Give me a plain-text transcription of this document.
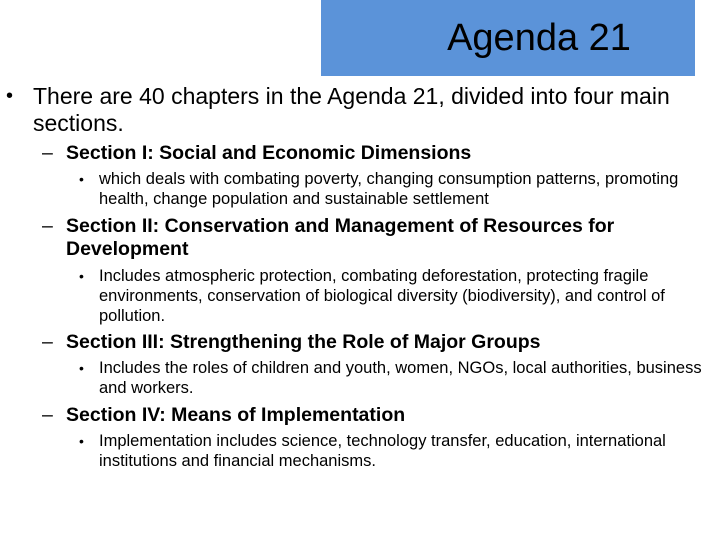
Agenda 21

• There are 40 chapters in the Agenda 21, divided into four main sections.

– Section I: Social and Economic Dimensions

• which deals with combating poverty, changing consumption patterns, promoting health, change population and sustainable settlement

– Section II: Conservation and Management of Resources for Development

• Includes atmospheric protection, combating deforestation, protecting fragile environments, conservation of biological diversity (biodiversity), and control of pollution.

– Section III: Strengthening the Role of Major Groups

• Includes the roles of children and youth, women, NGOs, local authorities, business and workers.

– Section IV: Means of Implementation

• Implementation includes science, technology transfer, education, international institutions and financial mechanisms.
